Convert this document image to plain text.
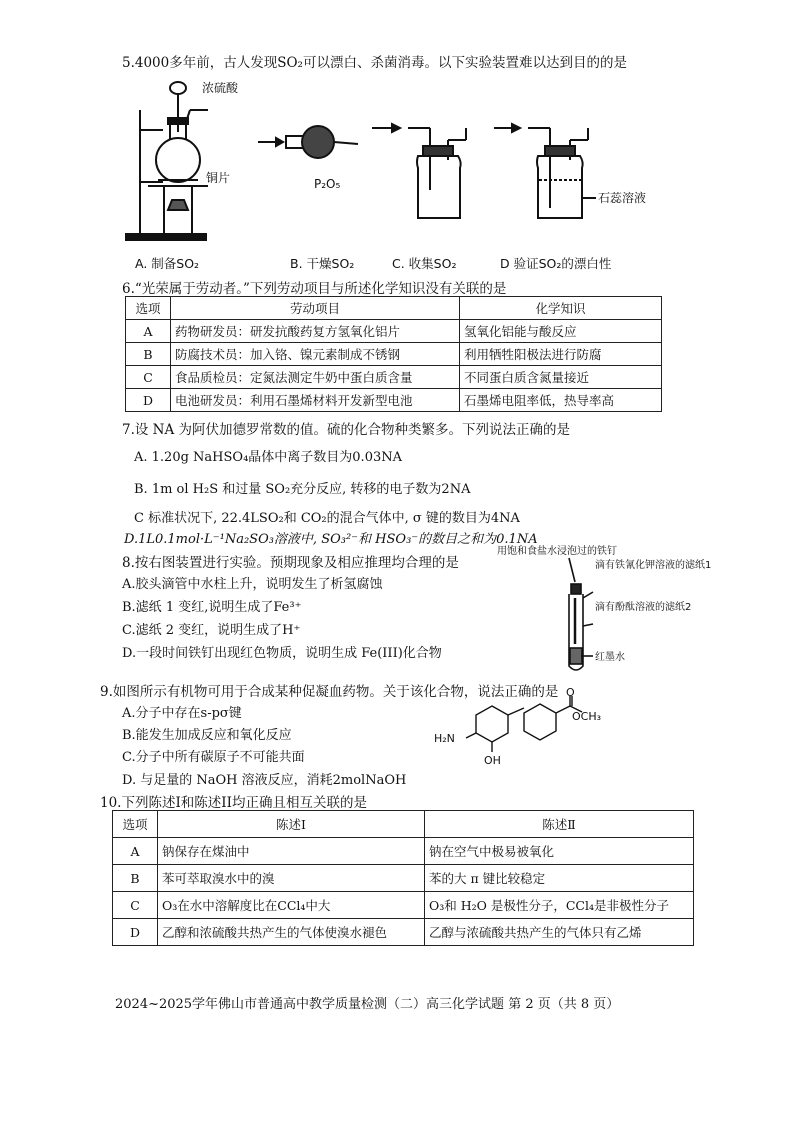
5.4000多年前，古人发现SO₂可以漂白、杀菌消毒。以下实验装置难以达到目的的是
浓硫酸
铜片	P₂O₅
石蕊溶液
A. 制备SO₂	B. 干燥SO₂	C. 收集SO₂	D 验证SO₂的漂白性
6.“光荣属于劳动者。”下列劳动项目与所述化学知识没有关联的是
选项	劳动项目	化学知识
A	药物研发员：研发抗酸药复方氢氧化铝片	氢氧化铝能与酸反应
B	防腐技术员：加入铬、镍元素制成不锈钢	利用牺牲阳极法进行防腐
C	食品质检员：定氮法测定牛奶中蛋白质含量	不同蛋白质含氮量接近
D	电池研发员：利用石墨烯材料开发新型电池	石墨烯电阻率低，热导率高
7.设 NA 为阿伏加德罗常数的值。硫的化合物种类繁多。下列说法正确的是
A. 1.20g NaHSO₄晶体中离子数目为0.03NA
B. 1m ol H₂S 和过量 SO₂充分反应, 转移的电子数为2NA
C 标准状况下, 22.4LSO₂和 CO₂的混合气体中, σ 键的数目为4NA
D.1L0.1mol·L⁻¹Na₂SO₃溶液中, SO₃²⁻和 HSO₃⁻的数目之和为0.1NA
8.按右图装置进行实验。预期现象及相应推理均合理的是
A.胶头滴管中水柱上升，说明发生了析氢腐蚀
B.滤纸 1 变红,说明生成了Fe³⁺
C.滤纸 2 变红，说明生成了H⁺
D.一段时间铁钉出现红色物质，说明生成 Fe(III)化合物
用饱和食盐水浸泡过的铁钉
滴有铁氰化钾溶液的滤纸1
滴有酚酞溶液的滤纸2
红墨水
9.如图所示有机物可用于合成某种促凝血药物。关于该化合物，说法正确的是
A.分子中存在s-pσ键
B.能发生加成反应和氧化反应
C.分子中所有碳原子不可能共面
D. 与足量的 NaOH 溶液反应，消耗2molNaOH
H₂N
OH
O
OCH₃
10.下列陈述Ⅰ和陈述II均正确且相互关联的是
选项	陈述Ⅰ	陈述Ⅱ
A	钠保存在煤油中	钠在空气中极易被氧化
B	苯可萃取溴水中的溴	苯的大 π 键比较稳定
C	O₃在水中溶解度比在CCl₄中大	O₃和 H₂O 是极性分子，CCl₄是非极性分子
D	乙醇和浓硫酸共热产生的气体使溴水褪色	乙醇与浓硫酸共热产生的气体只有乙烯
2024~2025学年佛山市普通高中教学质量检测（二）高三化学试题 第 2 页（共 8 页）
